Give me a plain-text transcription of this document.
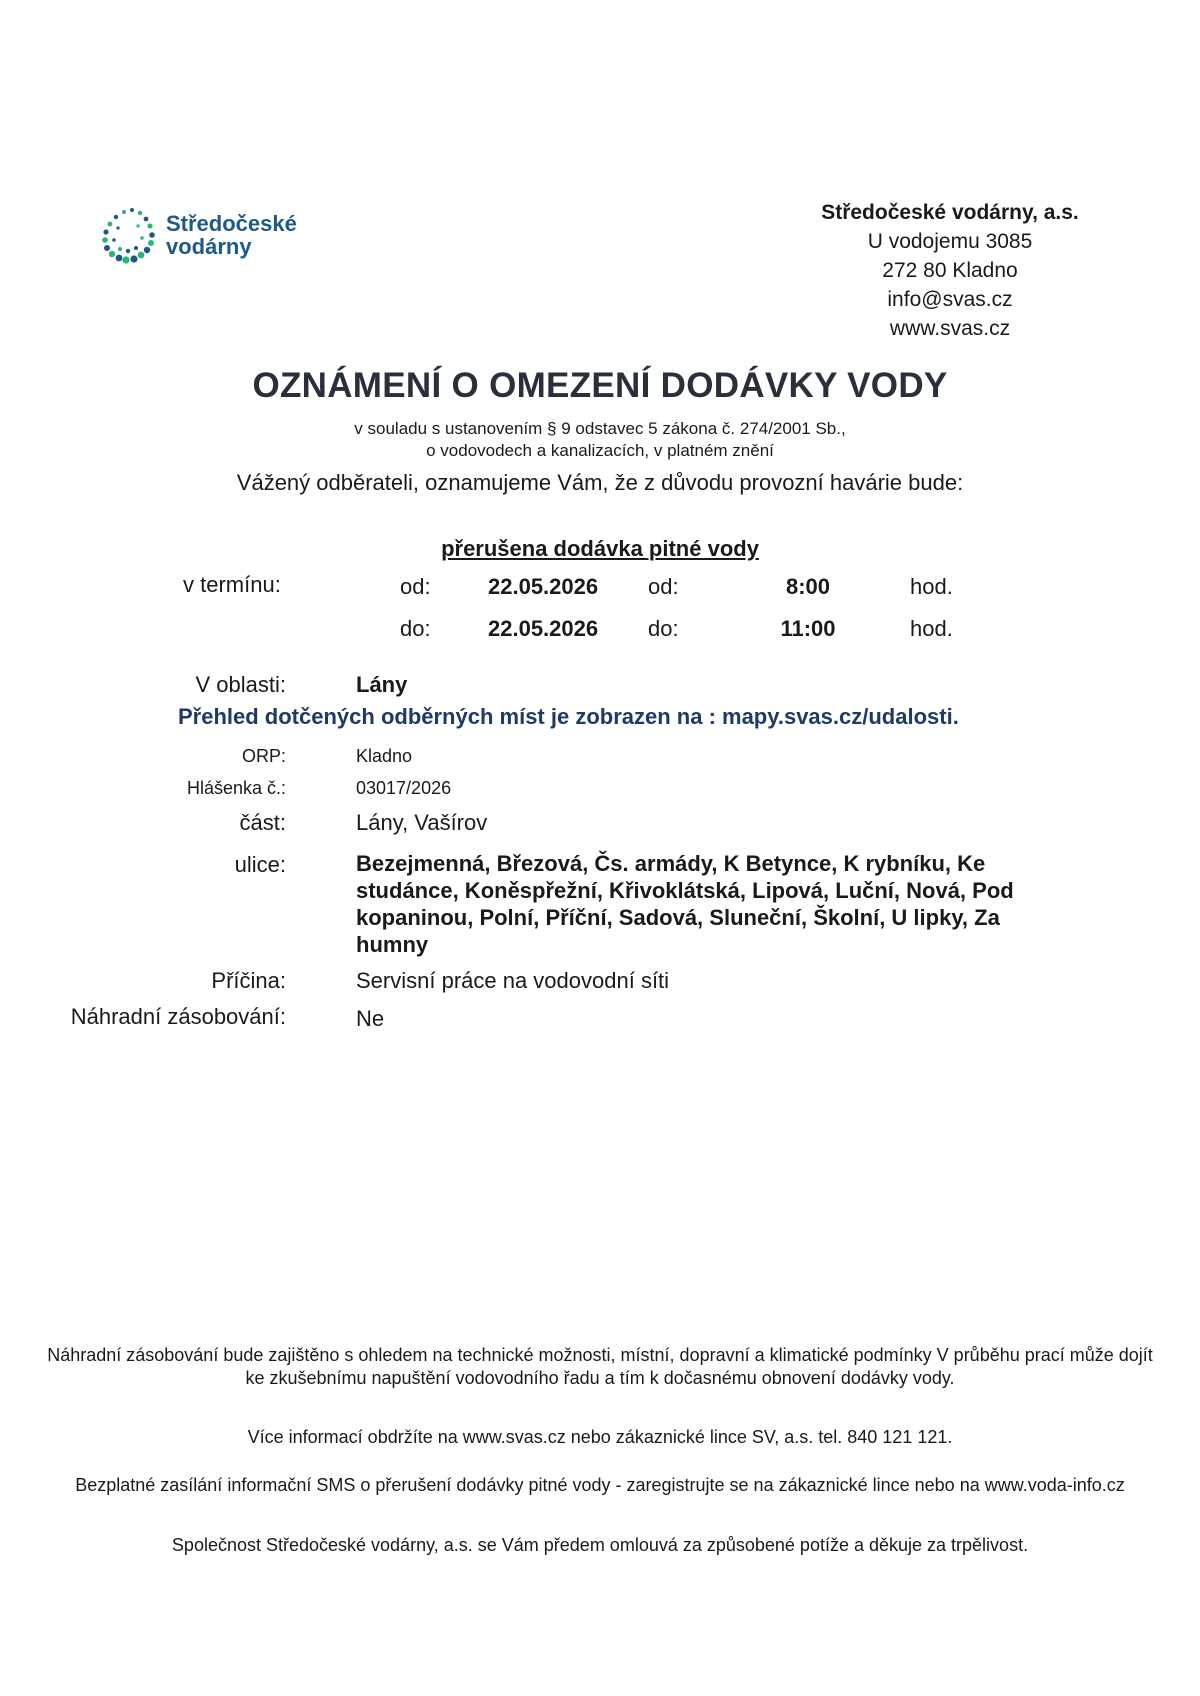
Středočeské
vodárny
Středočeské vodárny, a.s.
U vodojemu 3085
272 80 Kladno
info@svas.cz
www.svas.cz
OZNÁMENÍ O OMEZENÍ DODÁVKY VODY
v souladu s ustanovením § 9 odstavec 5 zákona č. 274/2001 Sb.,
o vodovodech a kanalizacích, v platném znění
Vážený odběrateli, oznamujeme Vám, že z důvodu provozní havárie bude:
přerušena dodávka pitné vody
v termínu:	od:	22.05.2026 od:	8:00	hod.
do:	22.05.2026 do:	11:00	hod.
V oblasti:	Lány
Přehled dotčených odběrných míst je zobrazen na : mapy.svas.cz/udalosti.
ORP:	Kladno
Hlášenka č.:	03017/2026
část:	Lány, Vašírov
ulice:	Bezejmenná, Březová, Čs. armády, K Betynce, K rybníku, Ke studánce, Koněspřežní, Křivoklátská, Lipová, Luční, Nová, Pod kopaninou, Polní, Příční, Sadová, Sluneční, Školní, U lipky, Za humny
Příčina:	Servisní práce na vodovodní síti
Náhradní zásobování:	Ne
Náhradní zásobování bude zajištěno s ohledem na technické možnosti, místní, dopravní a klimatické podmínky V průběhu prací může dojít ke zkušebnímu napuštění vodovodního řadu a tím k dočasnému obnovení dodávky vody.
Více informací obdržíte na www.svas.cz nebo zákaznické lince SV, a.s. tel. 840 121 121.
Bezplatné zasílání informační SMS o přerušení dodávky pitné vody - zaregistrujte se na zákaznické lince nebo na www.voda-info.cz
Společnost Středočeské vodárny, a.s. se Vám předem omlouvá za způsobené potíže a děkuje za trpělivost.
